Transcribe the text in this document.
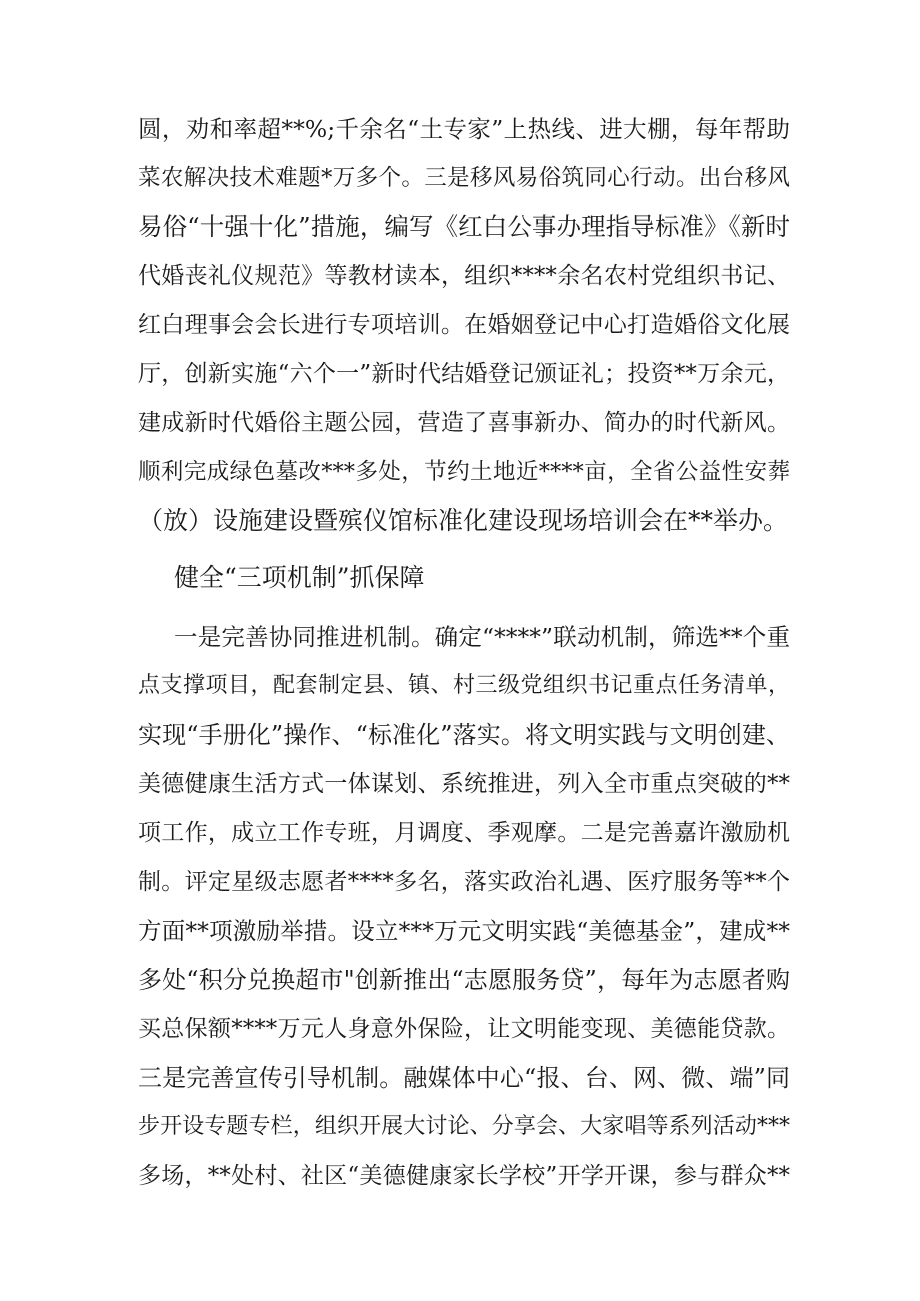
圆，劝和率超**%;千余名“土专家”上热线、进大棚，每年帮助
菜农解决技术难题*万多个。三是移风易俗筑同心行动。出台移风
易俗“十强十化”措施，编写《红白公事办理指导标准》《新时
代婚丧礼仪规范》等教材读本，组织****余名农村党组织书记、
红白理事会会长进行专项培训。在婚姻登记中心打造婚俗文化展
厅，创新实施“六个一”新时代结婚登记颁证礼；投资**万余元，
建成新时代婚俗主题公园，营造了喜事新办、简办的时代新风。
顺利完成绿色墓改***多处，节约土地近****亩，全省公益性安葬
（放）设施建设暨殡仪馆标准化建设现场培训会在**举办。
健全“三项机制”抓保障
一是完善协同推进机制。确定“****”联动机制，筛选**个重
点支撑项目，配套制定县、镇、村三级党组织书记重点任务清单，
实现“手册化”操作、“标准化”落实。将文明实践与文明创建、
美德健康生活方式一体谋划、系统推进，列入全市重点突破的**
项工作，成立工作专班，月调度、季观摩。二是完善嘉许激励机
制。评定星级志愿者****多名，落实政治礼遇、医疗服务等**个
方面**项激励举措。设立***万元文明实践“美德基金”，建成**
多处“积分兑换超市"创新推出“志愿服务贷”，每年为志愿者购
买总保额****万元人身意外保险，让文明能变现、美德能贷款。
三是完善宣传引导机制。融媒体中心“报、台、网、微、端”同
步开设专题专栏，组织开展大讨论、分享会、大家唱等系列活动***
多场，**处村、社区“美德健康家长学校”开学开课，参与群众**
